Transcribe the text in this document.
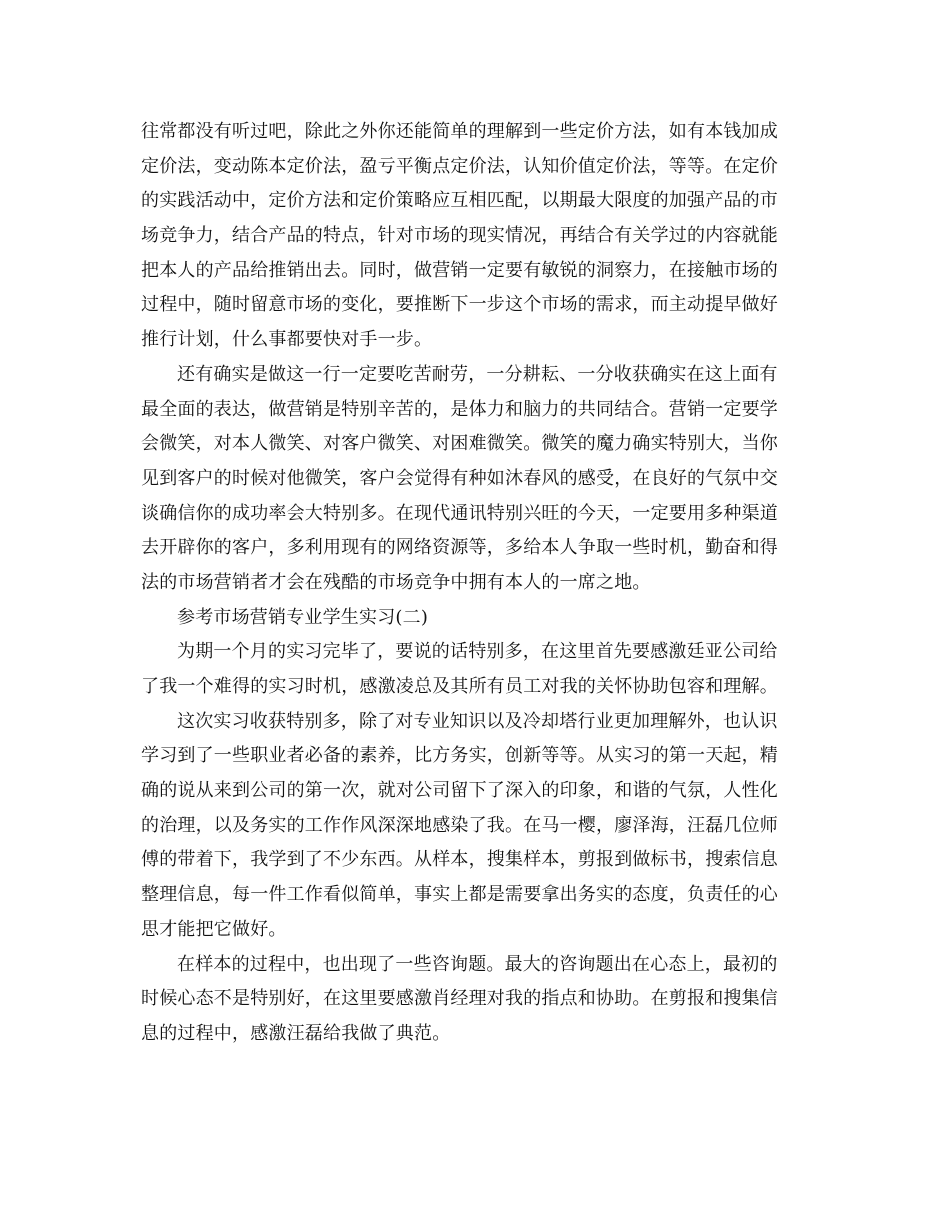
往常都没有听过吧，除此之外你还能简单的理解到一些定价方法，如有本钱加成
定价法，变动陈本定价法，盈亏平衡点定价法，认知价值定价法，等等。在定价
的实践活动中，定价方法和定价策略应互相匹配，以期最大限度的加强产品的市
场竞争力，结合产品的特点，针对市场的现实情况，再结合有关学过的内容就能
把本人的产品给推销出去。同时，做营销一定要有敏锐的洞察力，在接触市场的
过程中，随时留意市场的变化，要推断下一步这个市场的需求，而主动提早做好
推行计划，什么事都要快对手一步。
还有确实是做这一行一定要吃苦耐劳，一分耕耘、一分收获确实在这上面有
最全面的表达，做营销是特别辛苦的，是体力和脑力的共同结合。营销一定要学
会微笑，对本人微笑、对客户微笑、对困难微笑。微笑的魔力确实特别大，当你
见到客户的时候对他微笑，客户会觉得有种如沐春风的感受，在良好的气氛中交
谈确信你的成功率会大特别多。在现代通讯特别兴旺的今天，一定要用多种渠道
去开辟你的客户，多利用现有的网络资源等，多给本人争取一些时机，勤奋和得
法的市场营销者才会在残酷的市场竞争中拥有本人的一席之地。
参考市场营销专业学生实习(二)
为期一个月的实习完毕了，要说的话特别多，在这里首先要感激廷亚公司给
了我一个难得的实习时机，感激凌总及其所有员工对我的关怀协助包容和理解。
这次实习收获特别多，除了对专业知识以及冷却塔行业更加理解外，也认识
学习到了一些职业者必备的素养，比方务实，创新等等。从实习的第一天起，精
确的说从来到公司的第一次，就对公司留下了深入的印象，和谐的气氛，人性化
的治理，以及务实的工作作风深深地感染了我。在马一樱，廖泽海，汪磊几位师
傅的带着下，我学到了不少东西。从样本，搜集样本，剪报到做标书，搜索信息
整理信息，每一件工作看似简单，事实上都是需要拿出务实的态度，负责任的心
思才能把它做好。
在样本的过程中，也出现了一些咨询题。最大的咨询题出在心态上，最初的
时候心态不是特别好，在这里要感激肖经理对我的指点和协助。在剪报和搜集信
息的过程中，感激汪磊给我做了典范。
